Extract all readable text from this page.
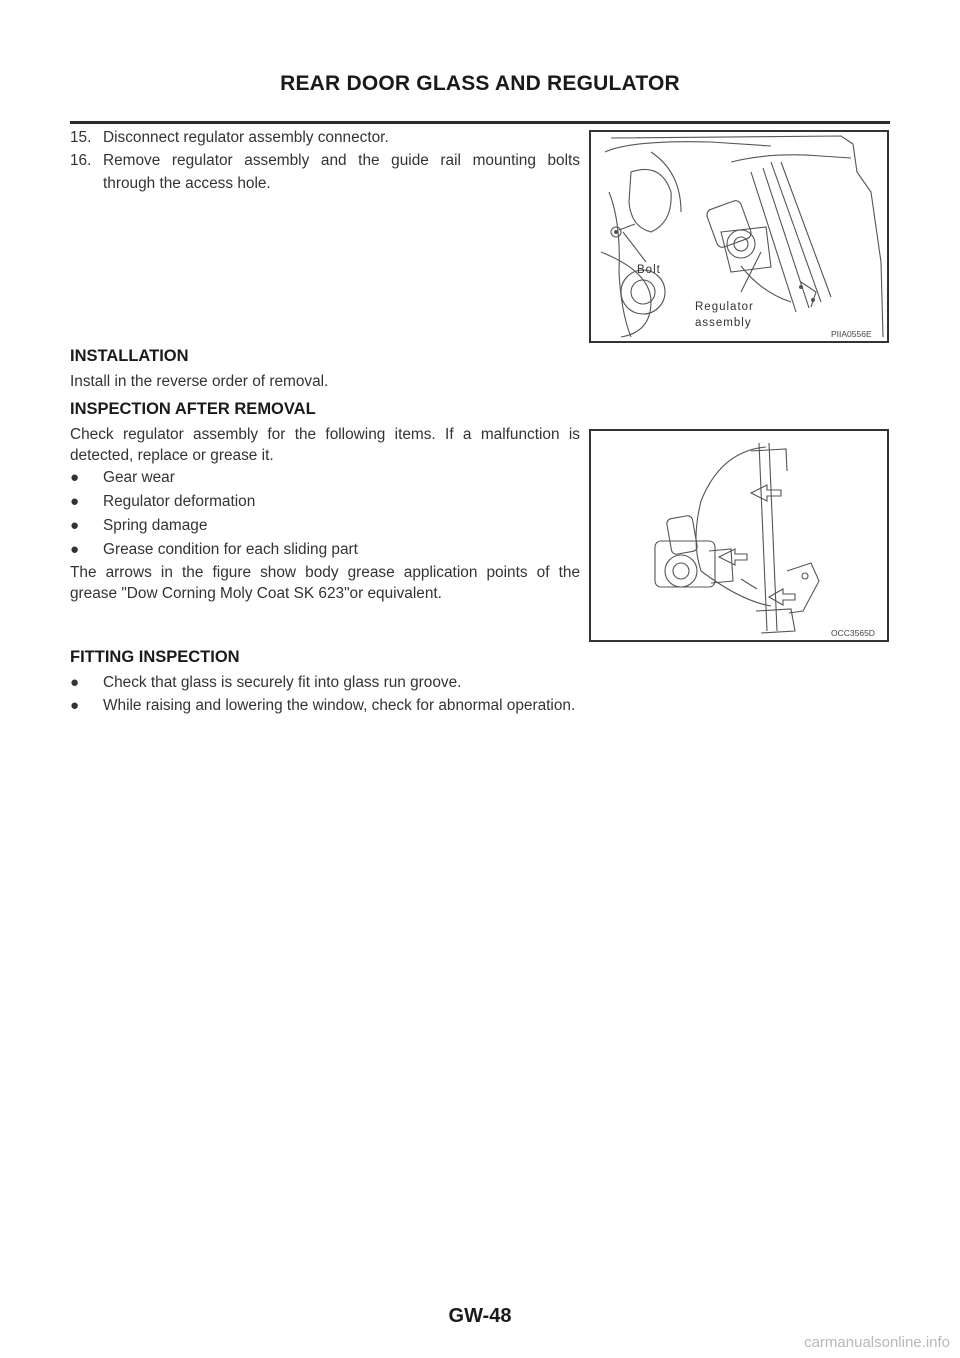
REAR DOOR GLASS AND REGULATOR
15. Disconnect regulator assembly connector.
16. Remove regulator assembly and the guide rail mounting bolts
through the access hole.
Bolt
Regulator
assembly
PIIA0556E
INSTALLATION
Install in the reverse order of removal.
INSPECTION AFTER REMOVAL
Check regulator assembly for the following items. If a malfunction is
detected, replace or grease it.
●	Gear wear
●	Regulator deformation
●	Spring damage
●	Grease condition for each sliding part
The arrows in the figure show body grease application points of the
grease "Dow Corning Moly Coat SK 623"or equivalent.
OCC3565D
FITTING INSPECTION
●	Check that glass is securely fit into glass run groove.
●	While raising and lowering the window, check for abnormal operation.
GW-48
carmanualsonline.info
